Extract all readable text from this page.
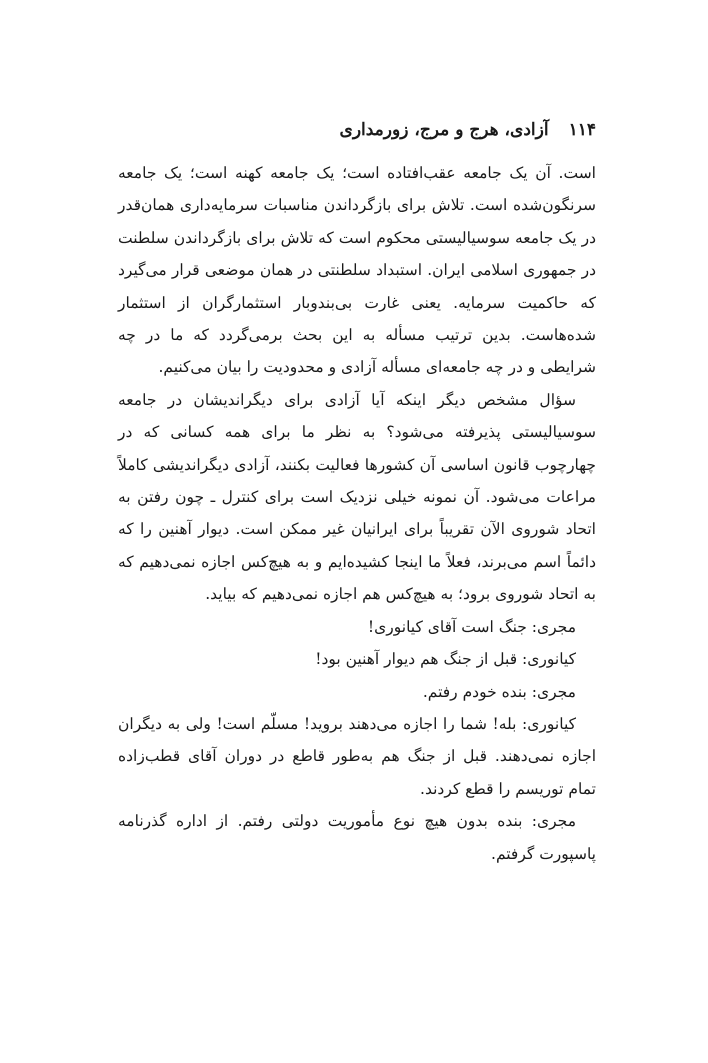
۱۱۴
آزادی، هرج و مرج، زورمداری

است. آن یک جامعه عقب‌افتاده است؛ یک جامعه کهنه است؛ یک جامعه سرنگون‌شده است. تلاش برای بازگرداندن مناسبات سرمایه‌داری همان‌قدر در یک جامعه سوسیالیستی محکوم است که تلاش برای بازگرداندن سلطنت در جمهوری اسلامی ایران. استبداد سلطنتی در همان موضعی قرار می‌گیرد که حاکمیت سرمایه. یعنی غارت بی‌بندوبار استثمارگران از استثمار شده‌هاست. بدین ترتیب مسأله به این بحث برمی‌گردد که ما در چه شرایطی و در چه جامعه‌ای مسأله آزادی و محدودیت را بیان می‌کنیم.

سؤال مشخص دیگر اینکه آیا آزادی برای دیگراندیشان در جامعه سوسیالیستی پذیرفته می‌شود؟ به نظر ما برای همه کسانی که در چهارچوب قانون اساسی آن کشورها فعالیت بکنند، آزادی دیگراندیشی کاملاً مراعات می‌شود. آن نمونه خیلی نزدیک است برای کنترل ـ چون رفتن به اتحاد شوروی الآن تقریباً برای ایرانیان غیر ممکن است. دیوار آهنین را که دائماً اسم می‌برند، فعلاً ما اینجا کشیده‌ایم و به هیچ‌کس اجازه نمی‌دهیم که به اتحاد شوروی برود؛ به هیچ‌کس هم اجازه نمی‌دهیم که بیاید.

مجری: جنگ است آقای کیانوری!

کیانوری: قبل از جنگ هم دیوار آهنین بود!

مجری: بنده خودم رفتم.

کیانوری: بله! شما را اجازه می‌دهند بروید! مسلّم است! ولی به دیگران اجازه نمی‌دهند. قبل از جنگ هم به‌طور قاطع در دوران آقای قطب‌زاده تمام توریسم را قطع کردند.

مجری: بنده بدون هیچ نوع مأموریت دولتی رفتم. از اداره گذرنامه پاسپورت گرفتم.
